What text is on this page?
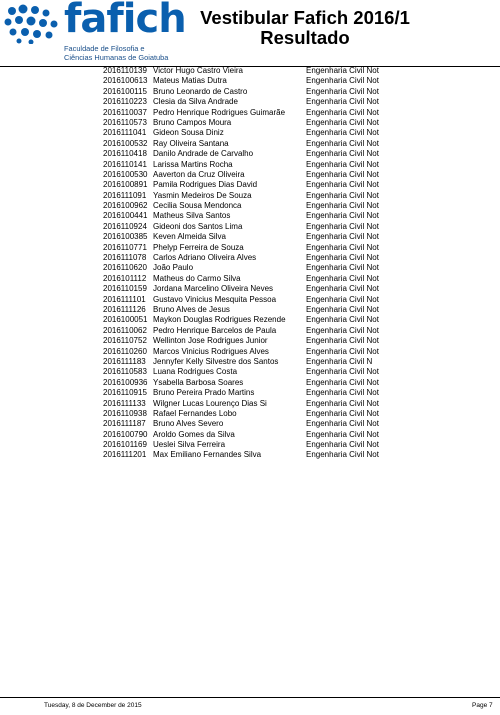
fafich
Faculdade de Filosofia e
Ciências Humanas de Goiatuba
Vestibular Fafich 2016/1
Resultado
2016110139 Victor Hugo Castro Vieira	Engenharia Civil Not
2016100613 Mateus Matias Dutra	Engenharia Civil Not
2016100115 Bruno Leonardo de Castro	Engenharia Civil Not
2016110223 Clesia da Silva Andrade	Engenharia Civil Not
2016110037 Pedro Henrique Rodrigues Guimarãe	Engenharia Civil Not
2016110573 Bruno Campos Moura	Engenharia Civil Not
2016111041 Gideon Sousa Diniz	Engenharia Civil Not
2016100532 Ray Oliveira Santana	Engenharia Civil Not
2016110418 Danilo Andrade de Carvalho	Engenharia Civil Not
2016110141 Larissa Martins Rocha	Engenharia Civil Not
2016100530 Aaverton da Cruz Oliveira	Engenharia Civil Not
2016100891 Pamila Rodrigues Dias David	Engenharia Civil Not
2016111091 Yasmin Medeiros De Souza	Engenharia Civil Not
2016100962 Cecilia Sousa Mendonca	Engenharia Civil Not
2016100441 Matheus Silva Santos	Engenharia Civil Not
2016110924 Gideoni dos Santos Lima	Engenharia Civil Not
2016100385 Keven Almeida Silva	Engenharia Civil Not
2016110771 Phelyp Ferreira de Souza	Engenharia Civil Not
2016111078 Carlos Adriano Oliveira Alves	Engenharia Civil Not
2016110620 João Paulo	Engenharia Civil Not
2016101112 Matheus do Carmo Silva	Engenharia Civil Not
2016110159 Jordana Marcelino Oliveira Neves	Engenharia Civil Not
2016111101 Gustavo Vinicius Mesquita Pessoa	Engenharia Civil Not
2016111126 Bruno Alves de Jesus	Engenharia Civil Not
2016100051 Maykon Douglas Rodrigues Rezende	Engenharia Civil Not
2016110062 Pedro Henrique Barcelos de Paula	Engenharia Civil Not
2016110752 Wellinton Jose Rodrigues Junior	Engenharia Civil Not
2016110260 Marcos Vinicius Rodrigues Alves	Engenharia Civil Not
2016111183 Jennyfer Kelly Silvestre dos Santos	Engenharia Civil N
2016110583 Luana Rodrigues Costa	Engenharia Civil Not
2016100936 Ysabella Barbosa Soares	Engenharia Civil Not
2016110915 Bruno Pereira Prado Martins	Engenharia Civil Not
2016111133 Wilgner Lucas Lourenço Dias Si	Engenharia Civil Not
2016110938 Rafael Fernandes Lobo	Engenharia Civil Not
2016111187 Bruno Alves Severo	Engenharia Civil Not
2016100790 Aroldo Gomes da Silva	Engenharia Civil Not
2016101169 Ueslei Silva Ferreira	Engenharia Civil Not
2016111201 Max Emiliano Fernandes Silva	Engenharia Civil Not
Tuesday, 8 de December de 2015	Page 7
